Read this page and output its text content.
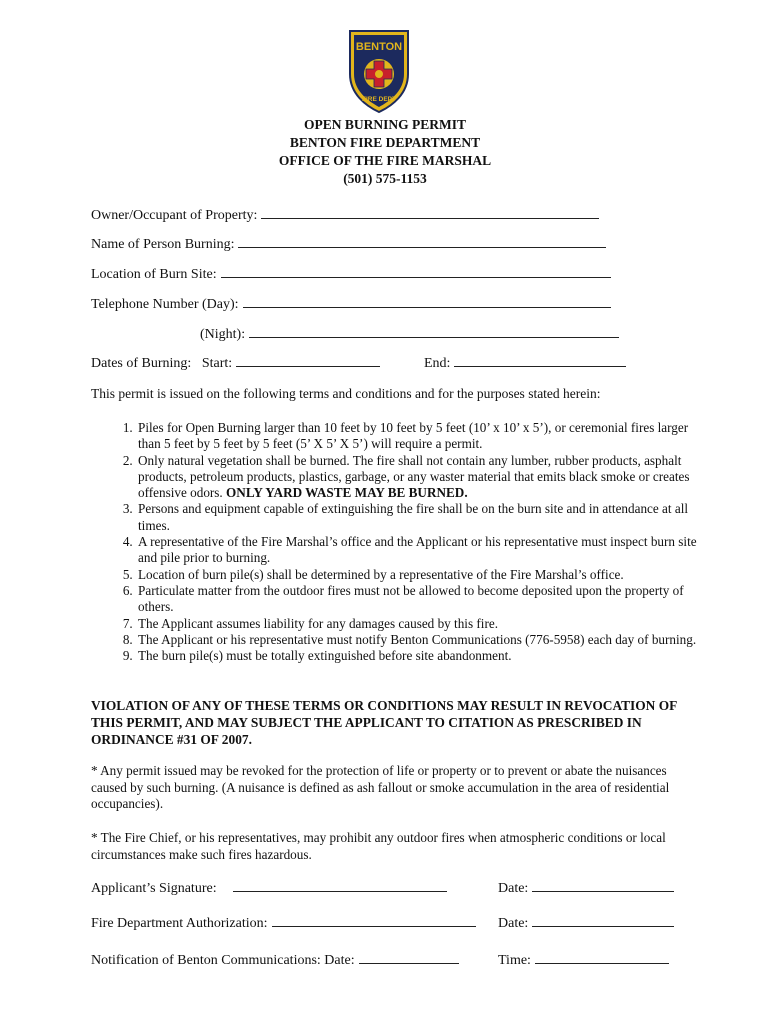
BENTON
FIRE DEPT
OPEN BURNING PERMIT
BENTON FIRE DEPARTMENT
OFFICE OF THE FIRE MARSHAL
(501) 575-1153
Owner/Occupant of Property:
Name of Person Burning:
Location of Burn Site:
Telephone Number (Day):
(Night):
Dates of Burning:   Start:	End:
This permit is issued on the following terms and conditions and for the purposes stated herein:
1. Piles for Open Burning larger than 10 feet by 10 feet by 5 feet (10’ x 10’ x 5’), or ceremonial fires larger than 5 feet by 5 feet by 5 feet (5’ X 5’ X 5’) will require a permit.
2. Only natural vegetation shall be burned. The fire shall not contain any lumber, rubber products, asphalt products, petroleum products, plastics, garbage, or any waster material that emits black smoke or creates offensive odors. ONLY YARD WASTE MAY BE BURNED.
3. Persons and equipment capable of extinguishing the fire shall be on the burn site and in attendance at all times.
4. A representative of the Fire Marshal’s office and the Applicant or his representative must inspect burn site and pile prior to burning.
5. Location of burn pile(s) shall be determined by a representative of the Fire Marshal’s office.
6. Particulate matter from the outdoor fires must not be allowed to become deposited upon the property of others.
7. The Applicant assumes liability for any damages caused by this fire.
8. The Applicant or his representative must notify Benton Communications (776-5958) each day of burning.
9. The burn pile(s) must be totally extinguished before site abandonment.
VIOLATION OF ANY OF THESE TERMS OR CONDITIONS MAY RESULT IN REVOCATION OF THIS PERMIT, AND MAY SUBJECT THE APPLICANT TO CITATION AS PRESCRIBED IN ORDINANCE #31 OF 2007.
* Any permit issued may be revoked for the protection of life or property or to prevent or abate the nuisances caused by such burning. (A nuisance is defined as ash fallout or smoke accumulation in the area of residential occupancies).
* The Fire Chief, or his representatives, may prohibit any outdoor fires when atmospheric conditions or local circumstances make such fires hazardous.
Applicant’s Signature:	Date:
Fire Department Authorization:	Date:
Notification of Benton Communications: Date:	Time:
